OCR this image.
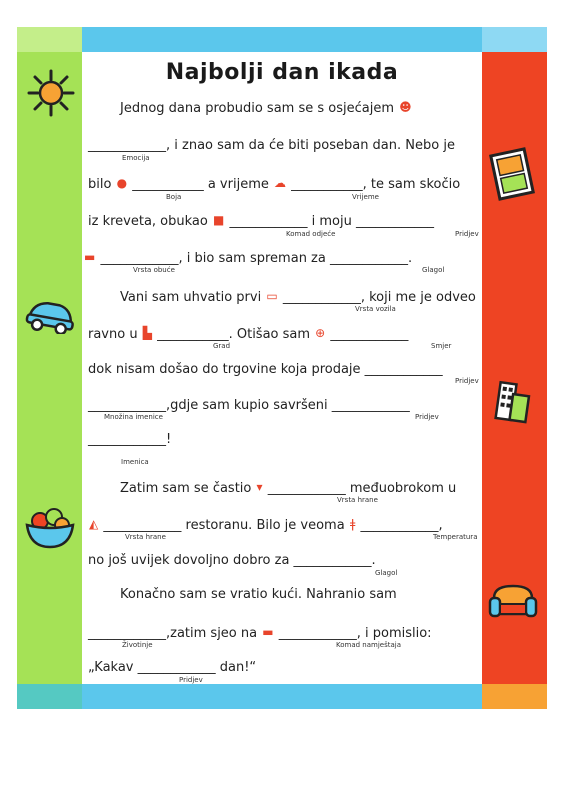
Najbolji dan ikada
Jednog dana probudio sam se s osjećajem ☻
Emocija
____________, i znao sam da će biti poseban dan. Nebo je
bilo ● ___________ a vrijeme ☁ ___________, te sam skočio
Boja	Vrijeme
iz kreveta, obukao ■ ____________ i moju ____________
Komad odjeće	Pridjev
▬ ____________, i bio sam spreman za ____________.
Vrsta obuće	Glagol
Vani sam uhvatio prvi ▭ ____________, koji me je odveo
Vrsta vozila
ravno u ▙ ___________. Otišao sam ⊕ ____________
Grad	Smjer
dok nisam došao do trgovine koja prodaje ____________
Pridjev
____________,gdje sam kupio savršeni ____________
Množina imenice	Pridjev
____________!
Imenica
Zatim sam se častio ▾ ____________ međuobrokom u
Vrsta hrane
◭ ____________ restoranu. Bilo je veoma ǂ ____________,
Vrsta hrane	Temperatura
no još uvijek dovoljno dobro za ____________.
Glagol
Konačno sam se vratio kući. Nahranio sam
____________,zatim sjeo na ▬ ____________, i pomislio:
Životinje	Komad namještaja
„Kakav ____________ dan!“
Pridjev
